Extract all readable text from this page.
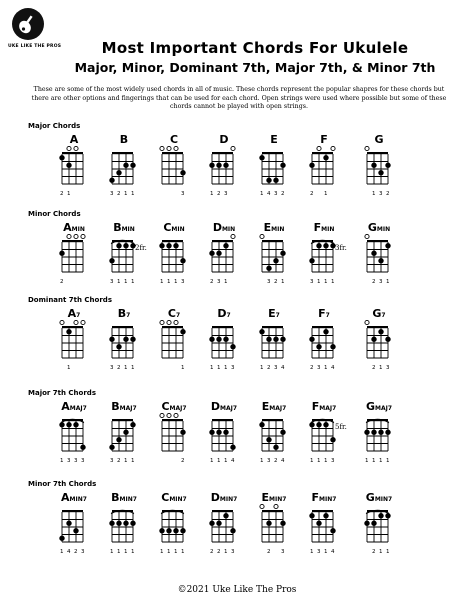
UKE LIKE THE PROS	Most Important Chords For Ukulele
Major, Minor, Dominant 7th, Major 7th, & Minor 7th
These are some of the most widely used chords in all of music. These chords represent the popular shapres for these chords but there are other options and fingerings that can be used for each chord. Open strings were used where possible but some of these chords cannot be played with open strings.
Major Chords
A
2 1
B
3 2 1 1
C
3
D
1 2 3
E
1 4 3 2
F
2 1
G
1 3 2
Minor Chords
AMIN
2
BMIN
2fr.
3 1 1 1
CMIN
1 1 1 3
DMIN
2 3 1
EMIN
3 2 1
FMIN
3fr.
3 1 1 1
GMIN
2 3 1
Dominant 7th Chords
A7
1
B7
3 2 1 1
C7
1
D7
1 1 1 3
E7
1 2 3 4
F7
2 3 1 4
G7
2 1 3
Major 7th Chords
AMAJ7
1 3 3 3
BMAJ7
3 2 1 1
CMAJ7
2
DMAJ7
1 1 1 4
EMAJ7
1 3 2 4
FMAJ7
5fr.
1 1 1 3
GMAJ7
1 1 1 1
Minor 7th Chords
AMIN7
1 4 2 3
BMIN7
1 1 1 1
CMIN7
1 1 1 1
DMIN7
2 2 1 3
EMIN7
2 3
FMIN7
1 3 1 4
GMIN7
2 1 1
©2021 Uke Like The Pros
